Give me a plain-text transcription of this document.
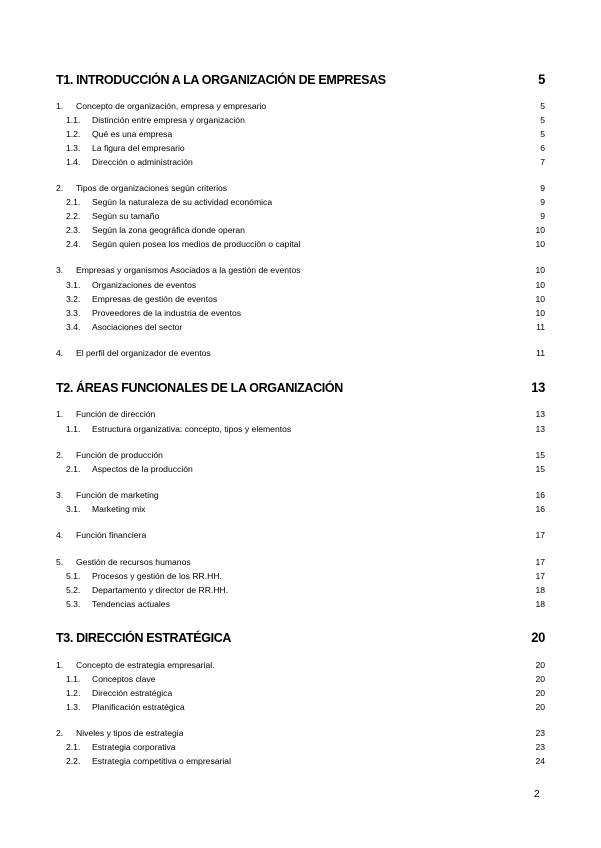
T1. INTRODUCCIÓN A LA ORGANIZACIÓN DE EMPRESAS	5
1.	Concepto de organización, empresa y empresario	5
1.1.	Distinción entre empresa y organización	5
1.2.	Qué es una empresa	5
1.3.	La figura del empresario	6
1.4.	Dirección o administración	7
2.	Tipos de organizaciones según criterios	9
2.1.	Según la naturaleza de su actividad económica	9
2.2.	Según su tamaño	9
2.3.	Según la zona geográfica donde operan	10
2.4.	Según quien posea los medios de producción o capital	10
3.	Empresas y organismos Asociados a la gestión de eventos	10
3.1.	Organizaciones de eventos	10
3.2.	Empresas de gestión de eventos	10
3.3.	Proveedores de la industria de eventos	10
3.4.	Asociaciones del sector	11
4.	El perfil del organizador de eventos	11
T2. ÁREAS FUNCIONALES DE LA ORGANIZACIÓN	13
1.	Función de dirección	13
1.1.	Estructura organizativa: concepto, tipos y elementos	13
2.	Función de producción	15
2.1.	Aspectos de la producción	15
3.	Función de marketing	16
3.1.	Marketing mix	16
4.	Función financiera	17
5.	Gestión de recursos humanos	17
5.1.	Procesos y gestión de los RR.HH.	17
5.2.	Departamento y director de RR.HH.	18
5.3.	Tendencias actuales	18
T3. DIRECCIÓN ESTRATÉGICA	20
1.	Concepto de estrategia empresarial.	20
1.1.	Conceptos clave	20
1.2.	Dirección estratégica	20
1.3.	Planificación estratégica	20
2.	Niveles y tipos de estrategia	23
2.1.	Estrategia corporativa	23
2.2.	Estrategia competitiva o empresarial	24
2
